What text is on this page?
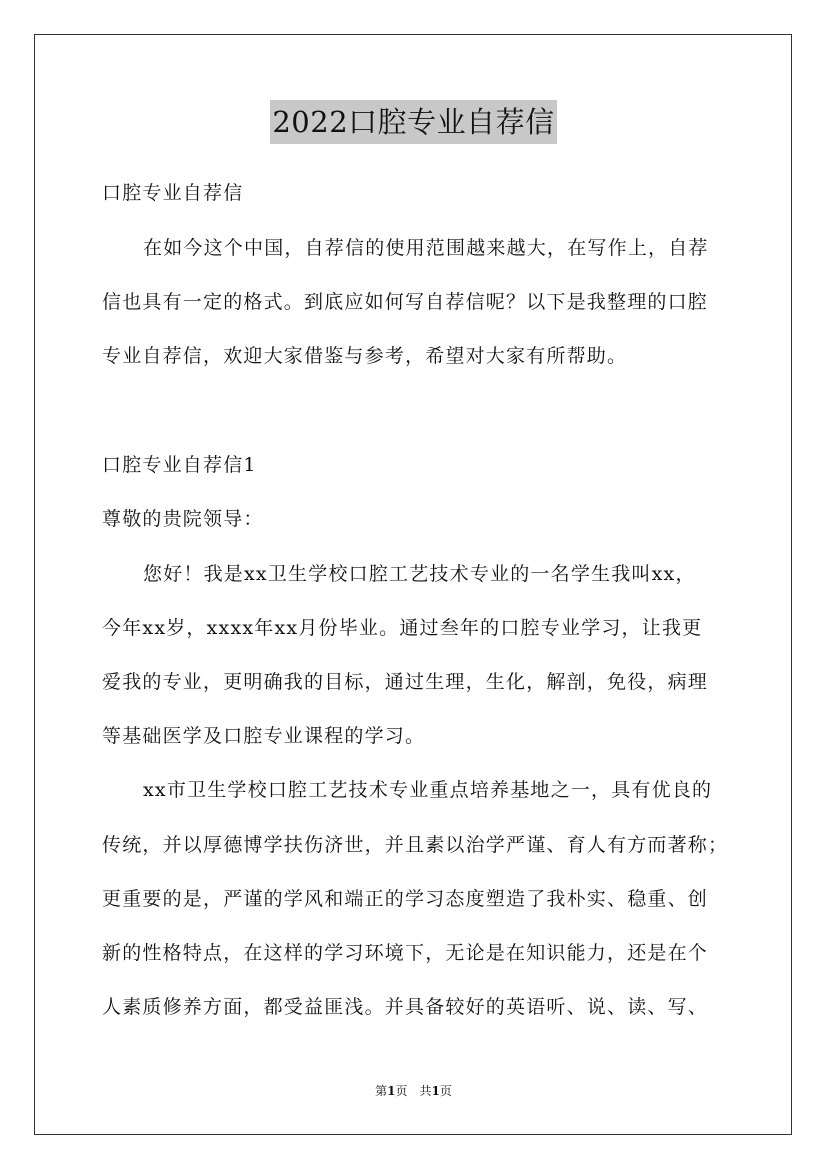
2022口腔专业自荐信
口腔专业自荐信
在如今这个中国，自荐信的使用范围越来越大，在写作上，自荐
信也具有一定的格式。到底应如何写自荐信呢？以下是我整理的口腔
专业自荐信，欢迎大家借鉴与参考，希望对大家有所帮助。
口腔专业自荐信1
尊敬的贵院领导：
您好！我是xx卫生学校口腔工艺技术专业的一名学生我叫xx，
今年xx岁，xxxx年xx月份毕业。通过叁年的口腔专业学习，让我更
爱我的专业，更明确我的目标，通过生理，生化，解剖，免役，病理
等基础医学及口腔专业课程的学习。
xx市卫生学校口腔工艺技术专业重点培养基地之一，具有优良的
传统，并以厚德博学扶伤济世，并且素以治学严谨、育人有方而著称；
更重要的是，严谨的学风和端正的学习态度塑造了我朴实、稳重、创
新的性格特点，在这样的学习环境下，无论是在知识能力，还是在个
人素质修养方面，都受益匪浅。并具备较好的英语听、说、读、写、
第1页　共1页
